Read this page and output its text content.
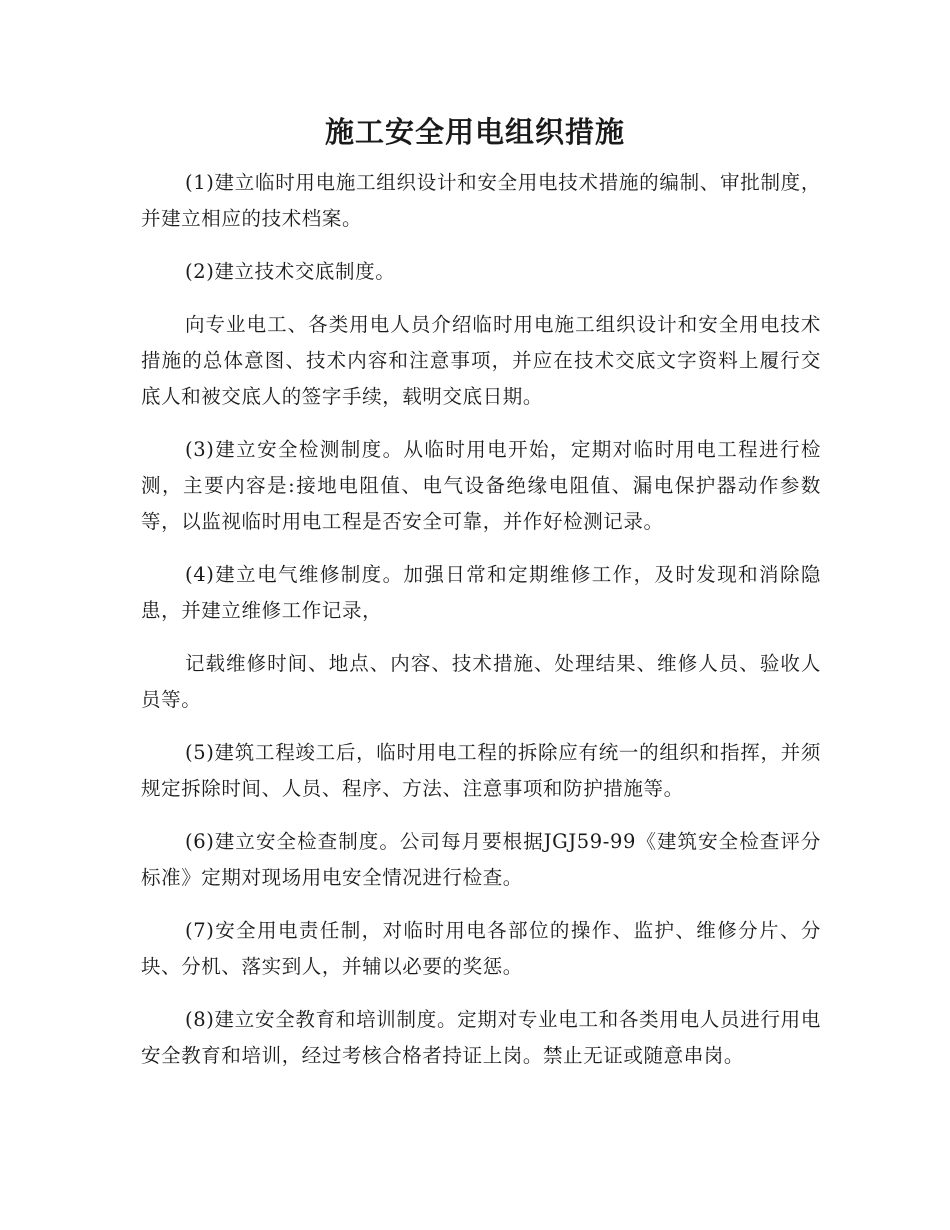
施工安全用电组织措施

(1)建立临时用电施工组织设计和安全用电技术措施的编制、审批制度，并建立相应的技术档案。

(2)建立技术交底制度。

向专业电工、各类用电人员介绍临时用电施工组织设计和安全用电技术措施的总体意图、技术内容和注意事项，并应在技术交底文字资料上履行交底人和被交底人的签字手续，载明交底日期。

(3)建立安全检测制度。从临时用电开始，定期对临时用电工程进行检测，主要内容是:接地电阻值、电气设备绝缘电阻值、漏电保护器动作参数等，以监视临时用电工程是否安全可靠，并作好检测记录。

(4)建立电气维修制度。加强日常和定期维修工作，及时发现和消除隐患，并建立维修工作记录，

记载维修时间、地点、内容、技术措施、处理结果、维修人员、验收人员等。

(5)建筑工程竣工后，临时用电工程的拆除应有统一的组织和指挥，并须规定拆除时间、人员、程序、方法、注意事项和防护措施等。

(6)建立安全检查制度。公司每月要根据JGJ59-99《建筑安全检查评分标准》定期对现场用电安全情况进行检查。

(7)安全用电责任制，对临时用电各部位的操作、监护、维修分片、分块、分机、落实到人，并辅以必要的奖惩。

(8)建立安全教育和培训制度。定期对专业电工和各类用电人员进行用电安全教育和培训，经过考核合格者持证上岗。禁止无证或随意串岗。
